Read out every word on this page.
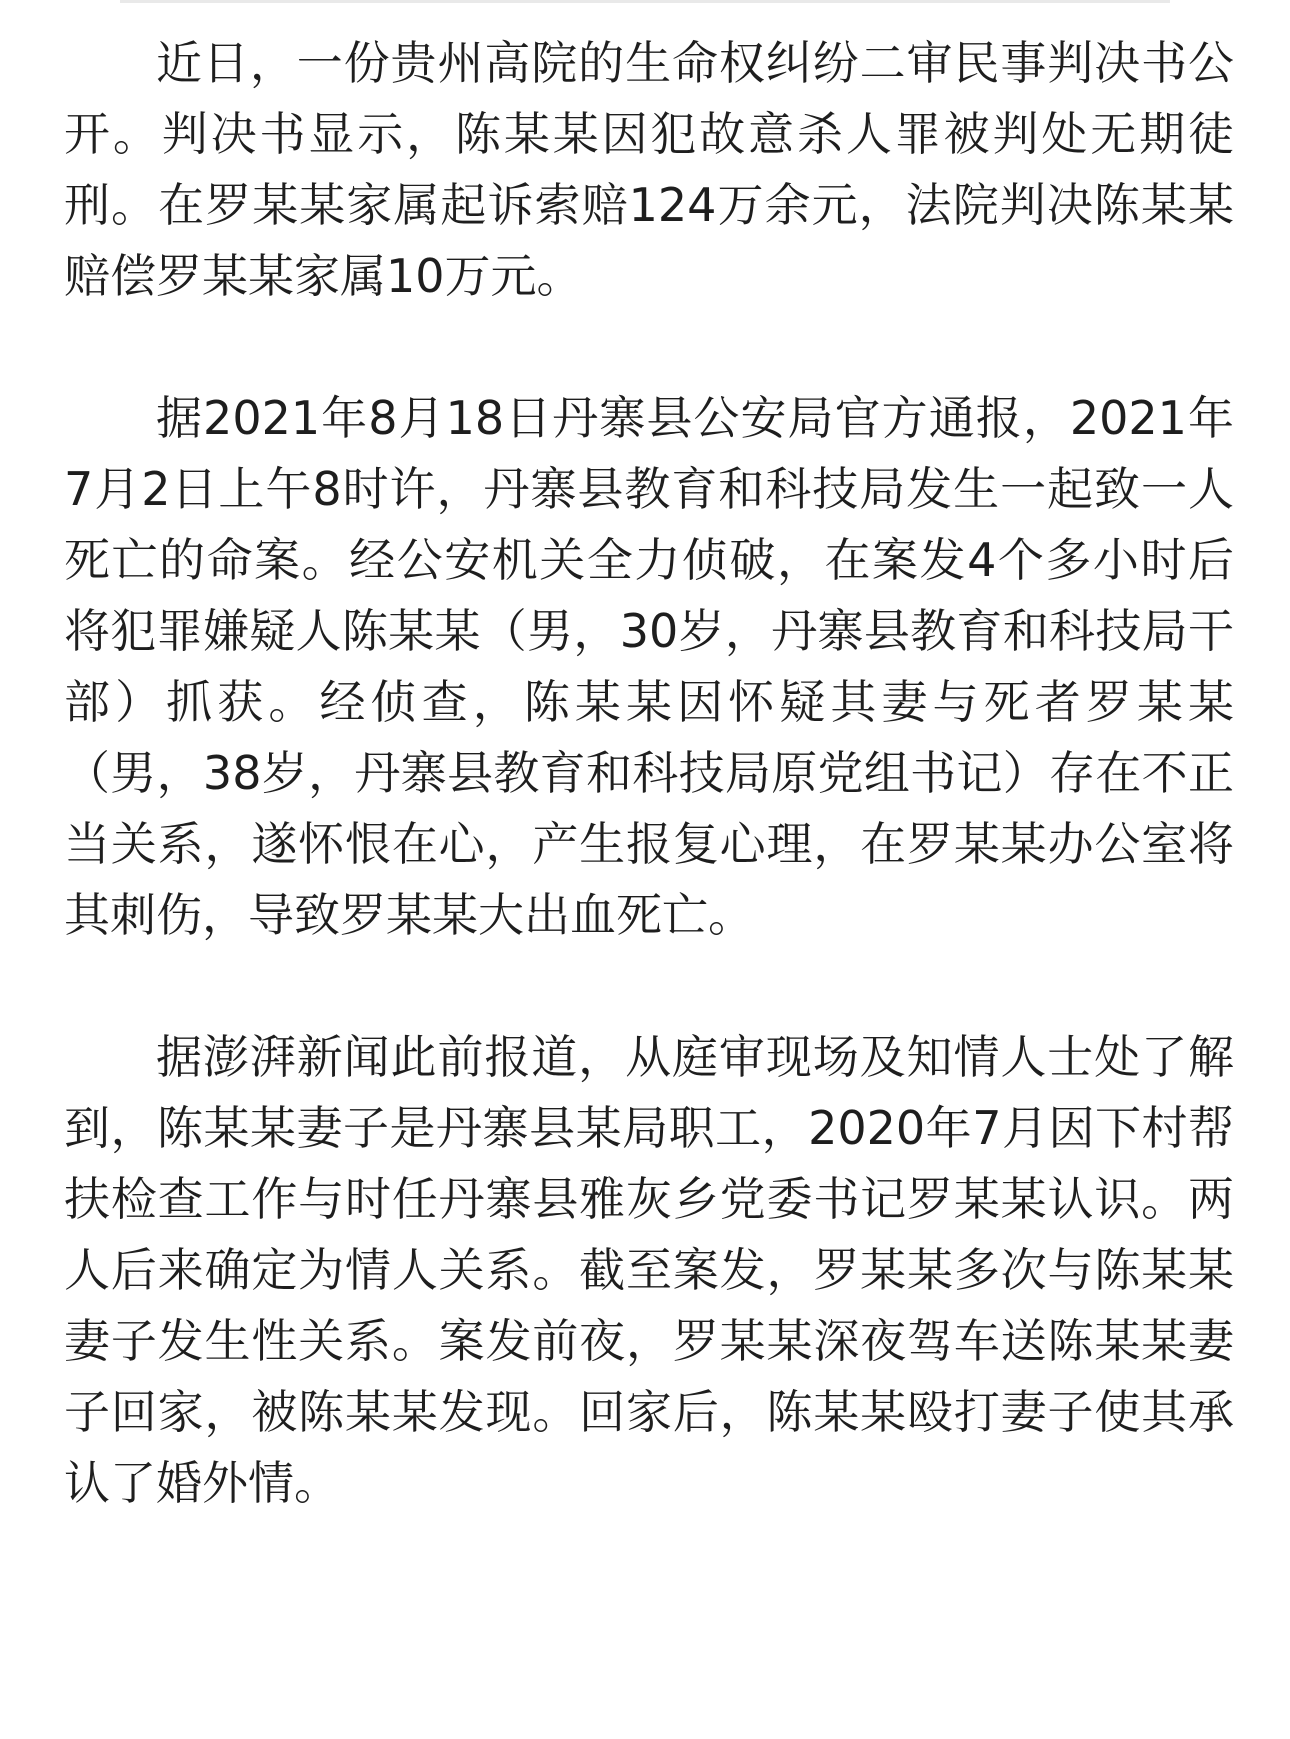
近日，一份贵州高院的生命权纠纷二审民事判决书公开。判决书显示，陈某某因犯故意杀人罪被判处无期徒刑。在罗某某家属起诉索赔124万余元，法院判决陈某某赔偿罗某某家属10万元。

据2021年8月18日丹寨县公安局官方通报，2021年7月2日上午8时许，丹寨县教育和科技局发生一起致一人死亡的命案。经公安机关全力侦破，在案发4个多小时后将犯罪嫌疑人陈某某（男，30岁，丹寨县教育和科技局干部）抓获。经侦查，陈某某因怀疑其妻与死者罗某某（男，38岁，丹寨县教育和科技局原党组书记）存在不正当关系，遂怀恨在心，产生报复心理，在罗某某办公室将其刺伤，导致罗某某大出血死亡。

据澎湃新闻此前报道，从庭审现场及知情人士处了解到，陈某某妻子是丹寨县某局职工，2020年7月因下村帮扶检查工作与时任丹寨县雅灰乡党委书记罗某某认识。两人后来确定为情人关系。截至案发，罗某某多次与陈某某妻子发生性关系。案发前夜，罗某某深夜驾车送陈某某妻子回家，被陈某某发现。回家后，陈某某殴打妻子使其承认了婚外情。
